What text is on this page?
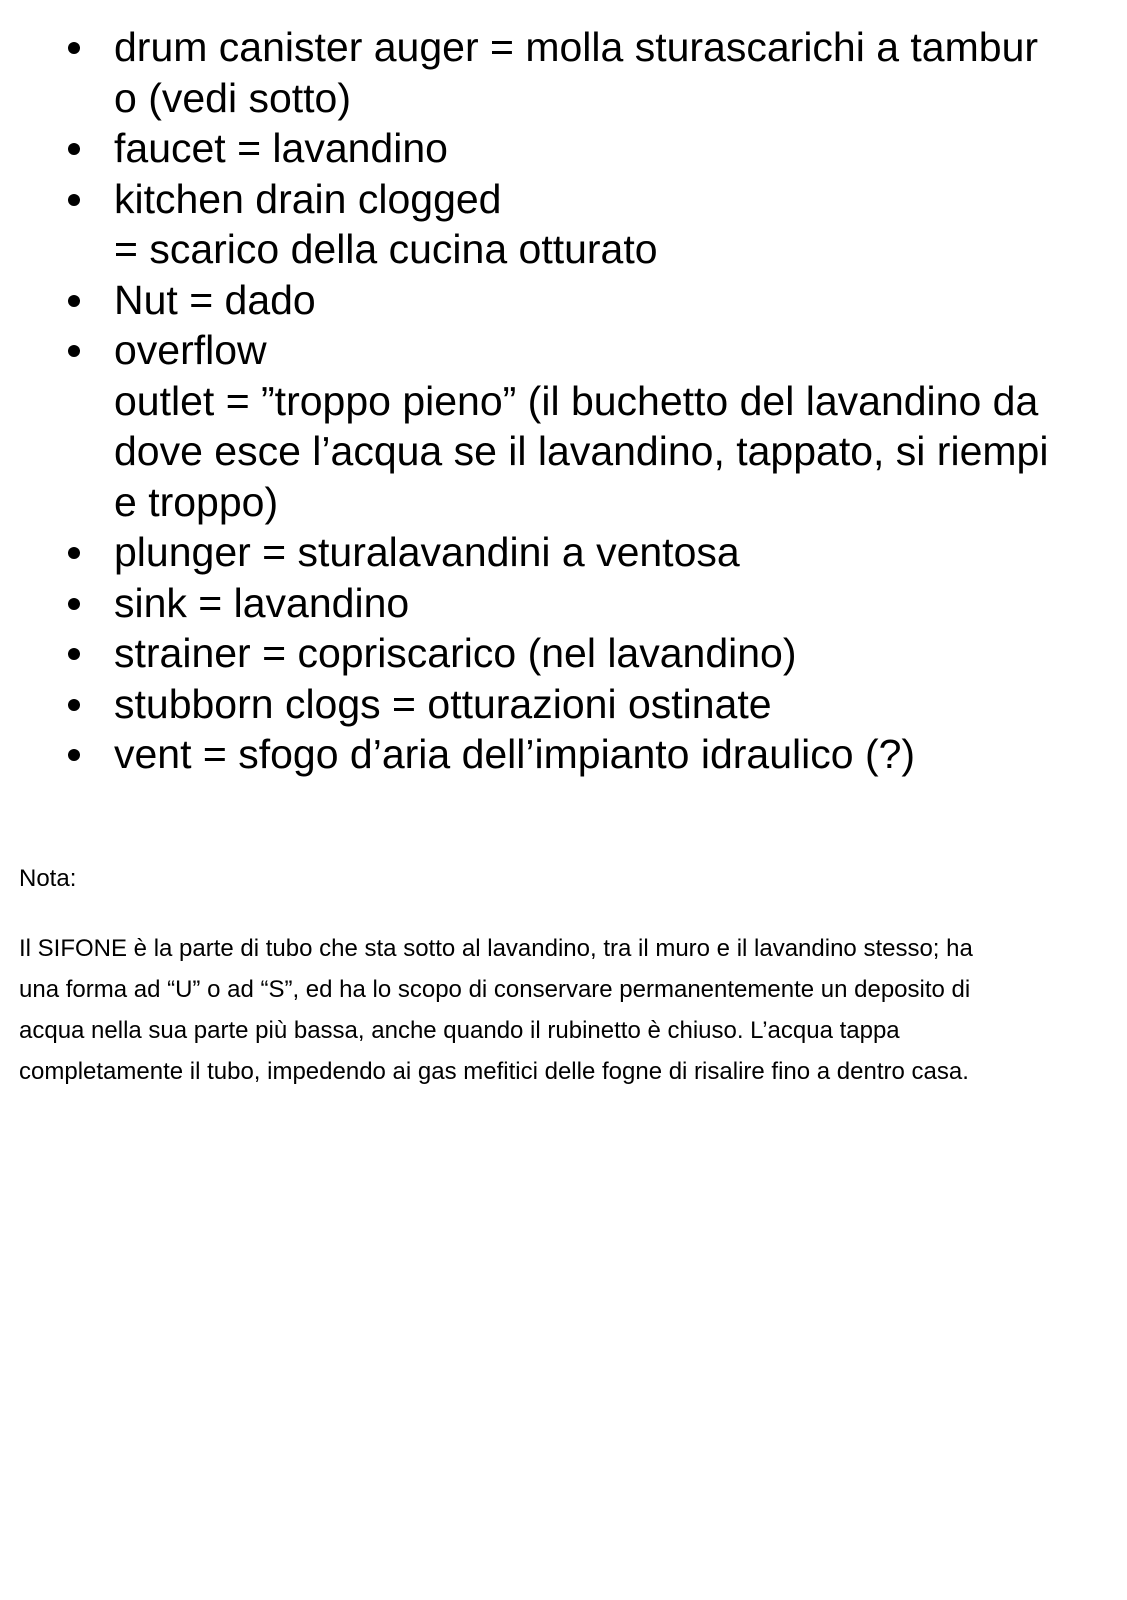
drum canister auger = molla sturascarichi a tambur
o (vedi sotto)
faucet = lavandino
kitchen drain clogged
= scarico della cucina otturato
Nut = dado
overflow
outlet = ”troppo pieno” (il buchetto del lavandino da
dove esce l’acqua se il lavandino, tappato, si riempi
e troppo)
plunger = sturalavandini a ventosa
sink = lavandino
strainer = copriscarico (nel lavandino)
stubborn clogs = otturazioni ostinate
vent = sfogo d’aria dell’impianto idraulico (?)

Nota:

Il SIFONE è la parte di tubo che sta sotto al lavandino, tra il muro e il lavandino stesso; ha
una forma ad “U” o ad “S”, ed ha lo scopo di conservare permanentemente un deposito di
acqua nella sua parte più bassa, anche quando il rubinetto è chiuso. L’acqua tappa
completamente il tubo, impedendo ai gas mefitici delle fogne di risalire fino a dentro casa.
